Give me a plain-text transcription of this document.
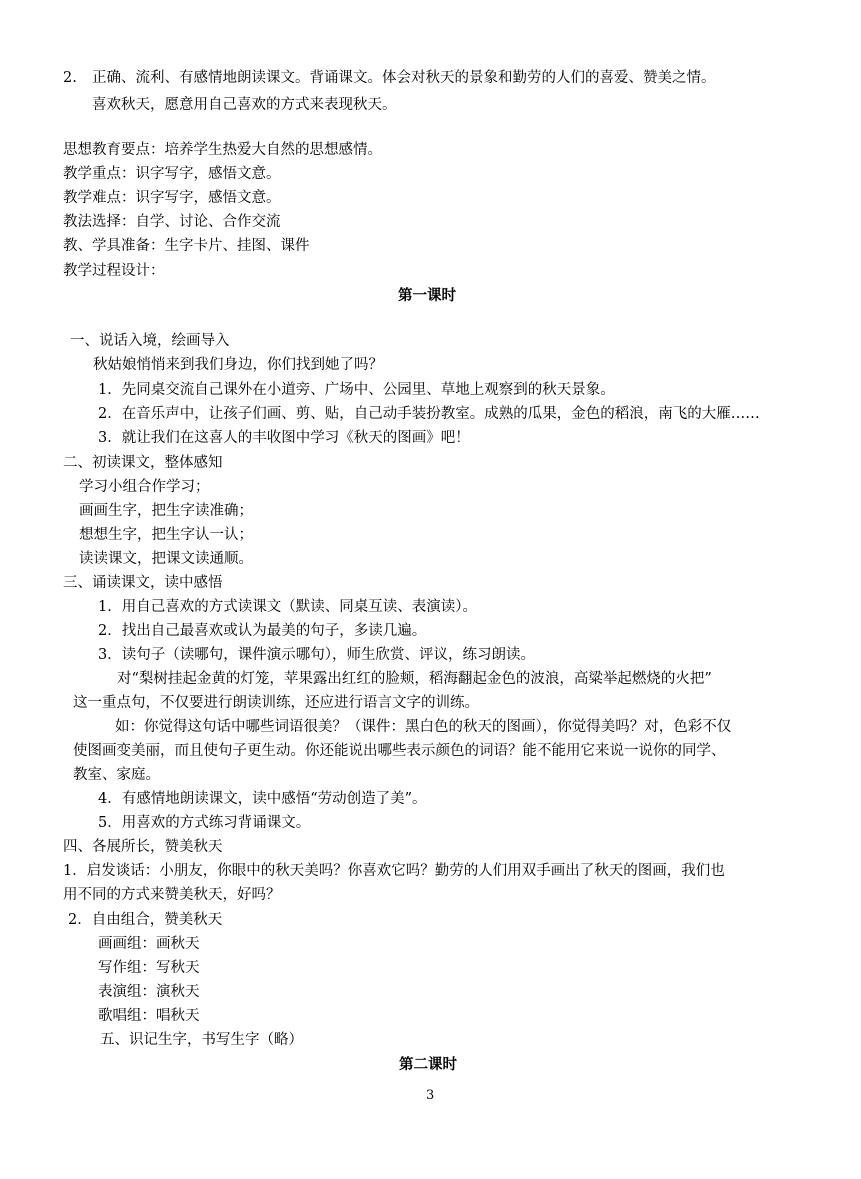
2. 正确、流利、有感情地朗读课文。背诵课文。体会对秋天的景象和勤劳的人们的喜爱、赞美之情。
喜欢秋天，愿意用自己喜欢的方式来表现秋天。
思想教育要点：培养学生热爱大自然的思想感情。
教学重点：识字写字，感悟文意。
教学难点：识字写字，感悟文意。
教法选择：自学、讨论、合作交流
教、学具准备：生字卡片、挂图、课件
教学过程设计：
第一课时
一、说话入境，绘画导入
秋姑娘悄悄来到我们身边，你们找到她了吗？
1．先同桌交流自己课外在小道旁、广场中、公园里、草地上观察到的秋天景象。
2．在音乐声中，让孩子们画、剪、贴，自己动手装扮教室。成熟的瓜果，金色的稻浪，南飞的大雁……
3．就让我们在这喜人的丰收图中学习《秋天的图画》吧！
二、初读课文，整体感知
学习小组合作学习；
画画生字，把生字读准确；
想想生字，把生字认一认；
读读课文，把课文读通顺。
三、诵读课文，读中感悟
1．用自己喜欢的方式读课文（默读、同桌互读、表演读）。
2．找出自己最喜欢或认为最美的句子，多读几遍。
3．读句子（读哪句，课件演示哪句），师生欣赏、评议，练习朗读。
对“梨树挂起金黄的灯笼，苹果露出红红的脸颊，稻海翻起金色的波浪，高粱举起燃烧的火把”
这一重点句，不仅要进行朗读训练，还应进行语言文字的训练。
如：你觉得这句话中哪些词语很美？（课件：黑白色的秋天的图画），你觉得美吗？对，色彩不仅
使图画变美丽，而且使句子更生动。你还能说出哪些表示颜色的词语？能不能用它来说一说你的同学、
教室、家庭。
4．有感情地朗读课文，读中感悟“劳动创造了美”。
5．用喜欢的方式练习背诵课文。
四、各展所长，赞美秋天
1．启发谈话：小朋友，你眼中的秋天美吗？你喜欢它吗？勤劳的人们用双手画出了秋天的图画，我们也
用不同的方式来赞美秋天，好吗？
2．自由组合，赞美秋天
画画组：画秋天
写作组：写秋天
表演组：演秋天
歌唱组：唱秋天
五、识记生字，书写生字（略）
第二课时
3
